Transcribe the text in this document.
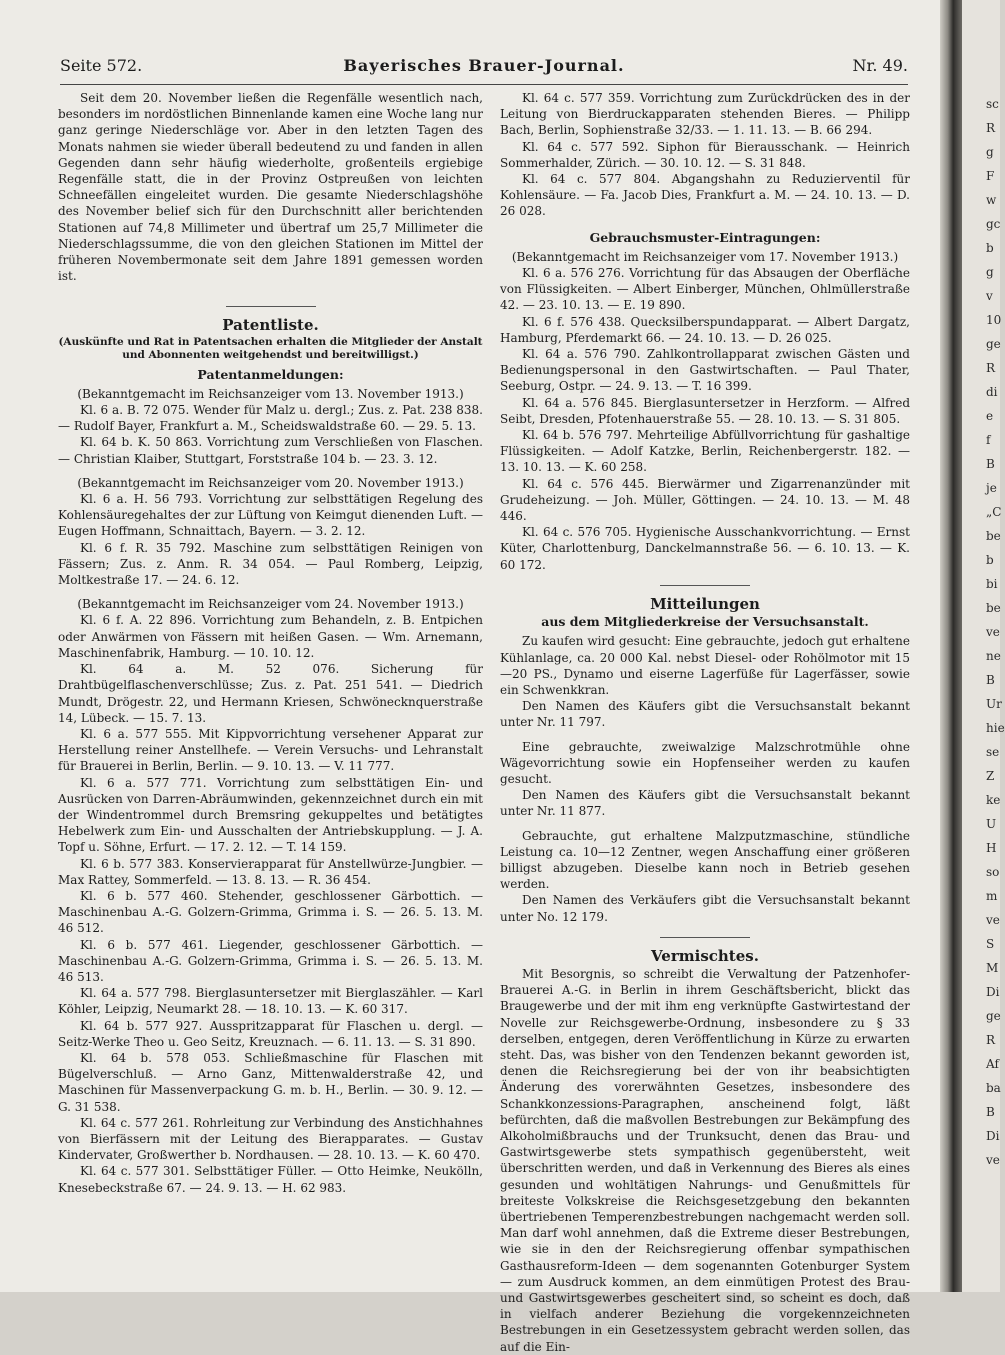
Seite 572.	Bayerisches Brauer-Journal.	Nr. 49.

Seit dem 20. November ließen die Regenfälle wesentlich nach, besonders im nordöstlichen Binnenlande kamen eine Woche lang nur ganz geringe Niederschläge vor. Aber in den letzten Tagen des Monats nahmen sie wieder überall bedeutend zu und fanden in allen Gegenden dann sehr häufig wiederholte, großenteils ergiebige Regenfälle statt, die in der Provinz Ostpreußen von leichten Schneefällen eingeleitet wurden. Die gesamte Niederschlagshöhe des November belief sich für den Durchschnitt aller berichtenden Stationen auf 74,8 Millimeter und übertraf um 25,7 Millimeter die Niederschlagssumme, die von den gleichen Stationen im Mittel der früheren Novembermonate seit dem Jahre 1891 gemessen worden ist.

Patentliste.
(Auskünfte und Rat in Patentsachen erhalten die Mitglieder der Anstalt und Abonnenten weitgehendst und bereitwilligst.)
Patentanmeldungen:

(Bekanntgemacht im Reichsanzeiger vom 13. November 1913.)

Kl. 6 a. B. 72 075. Wender für Malz u. dergl.; Zus. z. Pat. 238 838. — Rudolf Bayer, Frankfurt a. M., Scheidswaldstraße 60. — 29. 5. 13.

Kl. 64 b. K. 50 863. Vorrichtung zum Verschließen von Flaschen. — Christian Klaiber, Stuttgart, Forststraße 104 b. — 23. 3. 12.

(Bekanntgemacht im Reichsanzeiger vom 20. November 1913.)

Kl. 6 a. H. 56 793. Vorrichtung zur selbsttätigen Regelung des Kohlensäuregehaltes der zur Lüftung von Keimgut dienenden Luft. — Eugen Hoffmann, Schnaittach, Bayern. — 3. 2. 12.

Kl. 6 f. R. 35 792. Maschine zum selbsttätigen Reinigen von Fässern; Zus. z. Anm. R. 34 054. — Paul Romberg, Leipzig, Moltkestraße 17. — 24. 6. 12.

(Bekanntgemacht im Reichsanzeiger vom 24. November 1913.)

Kl. 6 f. A. 22 896. Vorrichtung zum Behandeln, z. B. Entpichen oder Anwärmen von Fässern mit heißen Gasen. — Wm. Arnemann, Maschinenfabrik, Hamburg. — 10. 10. 12.

Kl. 64 a. M. 52 076. Sicherung für Drahtbügelflaschenverschlüsse; Zus. z. Pat. 251 541. — Diedrich Mundt, Drögestr. 22, und Hermann Kriesen, Schwönecknquerstraße 14, Lübeck. — 15. 7. 13.

Kl. 6 a. 577 555. Mit Kippvorrichtung versehener Apparat zur Herstellung reiner Anstellhefe. — Verein Versuchs- und Lehranstalt für Brauerei in Berlin, Berlin. — 9. 10. 13. — V. 11 777.

Kl. 6 a. 577 771. Vorrichtung zum selbsttätigen Ein- und Ausrücken von Darren-Abräumwinden, gekennzeichnet durch ein mit der Windentrommel durch Bremsring gekuppeltes und betätigtes Hebelwerk zum Ein- und Ausschalten der Antriebskupplung. — J. A. Topf u. Söhne, Erfurt. — 17. 2. 12. — T. 14 159.

Kl. 6 b. 577 383. Konservierapparat für Anstellwürze-Jungbier. — Max Rattey, Sommerfeld. — 13. 8. 13. — R. 36 454.

Kl. 6 b. 577 460. Stehender, geschlossener Gärbottich. — Maschinenbau A.-G. Golzern-Grimma, Grimma i. S. — 26. 5. 13. M. 46 512.

Kl. 6 b. 577 461. Liegender, geschlossener Gärbottich. — Maschinenbau A.-G. Golzern-Grimma, Grimma i. S. — 26. 5. 13. M. 46 513.

Kl. 64 a. 577 798. Bierglasuntersetzer mit Bierglaszähler. — Karl Köhler, Leipzig, Neumarkt 28. — 18. 10. 13. — K. 60 317.

Kl. 64 b. 577 927. Ausspritzapparat für Flaschen u. dergl. — Seitz-Werke Theo u. Geo Seitz, Kreuznach. — 6. 11. 13. — S. 31 890.

Kl. 64 b. 578 053. Schließmaschine für Flaschen mit Bügelverschluß. — Arno Ganz, Mittenwalderstraße 42, und Maschinen für Massenverpackung G. m. b. H., Berlin. — 30. 9. 12. — G. 31 538.

Kl. 64 c. 577 261. Rohrleitung zur Verbindung des Anstichhahnes von Bierfässern mit der Leitung des Bierapparates. — Gustav Kindervater, Großwerther b. Nordhausen. — 28. 10. 13. — K. 60 470.

Kl. 64 c. 577 301. Selbsttätiger Füller. — Otto Heimke, Neukölln, Knesebeckstraße 67. — 24. 9. 13. — H. 62 983.

Kl. 64 c. 577 359. Vorrichtung zum Zurückdrücken des in der Leitung von Bierdruckapparaten stehenden Bieres. — Philipp Bach, Berlin, Sophienstraße 32/33. — 1. 11. 13. — B. 66 294.

Kl. 64 c. 577 592. Siphon für Bierausschank. — Heinrich Sommerhalder, Zürich. — 30. 10. 12. — S. 31 848.

Kl. 64 c. 577 804. Abgangshahn zu Reduzierventil für Kohlensäure. — Fa. Jacob Dies, Frankfurt a. M. — 24. 10. 13. — D. 26 028.

Gebrauchsmuster-Eintragungen:

(Bekanntgemacht im Reichsanzeiger vom 17. November 1913.)

Kl. 6 a. 576 276. Vorrichtung für das Absaugen der Oberfläche von Flüssigkeiten. — Albert Einberger, München, Ohlmüllerstraße 42. — 23. 10. 13. — E. 19 890.

Kl. 6 f. 576 438. Quecksilberspundapparat. — Albert Dargatz, Hamburg, Pferdemarkt 66. — 24. 10. 13. — D. 26 025.

Kl. 64 a. 576 790. Zahlkontrollapparat zwischen Gästen und Bedienungspersonal in den Gastwirtschaften. — Paul Thater, Seeburg, Ostpr. — 24. 9. 13. — T. 16 399.

Kl. 64 a. 576 845. Bierglasuntersetzer in Herzform. — Alfred Seibt, Dresden, Pfotenhauerstraße 55. — 28. 10. 13. — S. 31 805.

Kl. 64 b. 576 797. Mehrteilige Abfüllvorrichtung für gashaltige Flüssigkeiten. — Adolf Katzke, Berlin, Reichenbergerstr. 182. — 13. 10. 13. — K. 60 258.

Kl. 64 c. 576 445. Bierwärmer und Zigarrenanzünder mit Grudeheizung. — Joh. Müller, Göttingen. — 24. 10. 13. — M. 48 446.

Kl. 64 c. 576 705. Hygienische Ausschankvorrichtung. — Ernst Küter, Charlottenburg, Danckelmannstraße 56. — 6. 10. 13. — K. 60 172.

Mitteilungen
aus dem Mitgliederkreise der Versuchsanstalt.

Zu kaufen wird gesucht: Eine gebrauchte, jedoch gut erhaltene Kühlanlage, ca. 20 000 Kal. nebst Diesel- oder Rohölmotor mit 15—20 PS., Dynamo und eiserne Lagerfüße für Lagerfässer, sowie ein Schwenkkran.

Den Namen des Käufers gibt die Versuchsanstalt bekannt unter Nr. 11 797.

Eine gebrauchte, zweiwalzige Malzschrotmühle ohne Wägevorrichtung sowie ein Hopfenseiher werden zu kaufen gesucht.

Den Namen des Käufers gibt die Versuchsanstalt bekannt unter Nr. 11 877.

Gebrauchte, gut erhaltene Malzputzmaschine, stündliche Leistung ca. 10—12 Zentner, wegen Anschaffung einer größeren billigst abzugeben. Dieselbe kann noch in Betrieb gesehen werden.

Den Namen des Verkäufers gibt die Versuchsanstalt bekannt unter No. 12 179.

Vermischtes.

Mit Besorgnis, so schreibt die Verwaltung der Patzenhofer-Brauerei A.-G. in Berlin in ihrem Geschäftsbericht, blickt das Braugewerbe und der mit ihm eng verknüpfte Gastwirtestand der Novelle zur Reichsgewerbe-Ordnung, insbesondere zu § 33 derselben, entgegen, deren Veröffentlichung in Kürze zu erwarten steht. Das, was bisher von den Tendenzen bekannt geworden ist, denen die Reichsregierung bei der von ihr beabsichtigten Änderung des vorerwähnten Gesetzes, insbesondere des Schankkonzessions-Paragraphen, anscheinend folgt, läßt befürchten, daß die maßvollen Bestrebungen zur Bekämpfung des Alkoholmißbrauchs und der Trunksucht, denen das Brau- und Gastwirtsgewerbe stets sympathisch gegenübersteht, weit überschritten werden, und daß in Verkennung des Bieres als eines gesunden und wohltätigen Nahrungs- und Genußmittels für breiteste Volkskreise die Reichsgesetzgebung den bekannten übertriebenen Temperenzbestrebungen nachgemacht werden soll. Man darf wohl annehmen, daß die Extreme dieser Bestrebungen, wie sie in den der Reichsregierung offenbar sympathischen Gasthausreform-Ideen — dem sogenannten Gotenburger System — zum Ausdruck kommen, an dem einmütigen Protest des Brau- und Gastwirtsgewerbes gescheitert sind, so scheint es doch, daß in vielfach anderer Beziehung die vorgekennzeichneten Bestrebungen in ein Gesetzessystem gebracht werden sollen, das auf die Ein-

sc
R
g
F
w
gc
b
g
v
10
ge
R
di
e
f
B
je
„C
be
b
bi
be
ve
ne
B
Ur
hie
se
Z
ke
U
H
so
m
ve
S
M
Di
ge
R
Af
ba
B
Di
ve
